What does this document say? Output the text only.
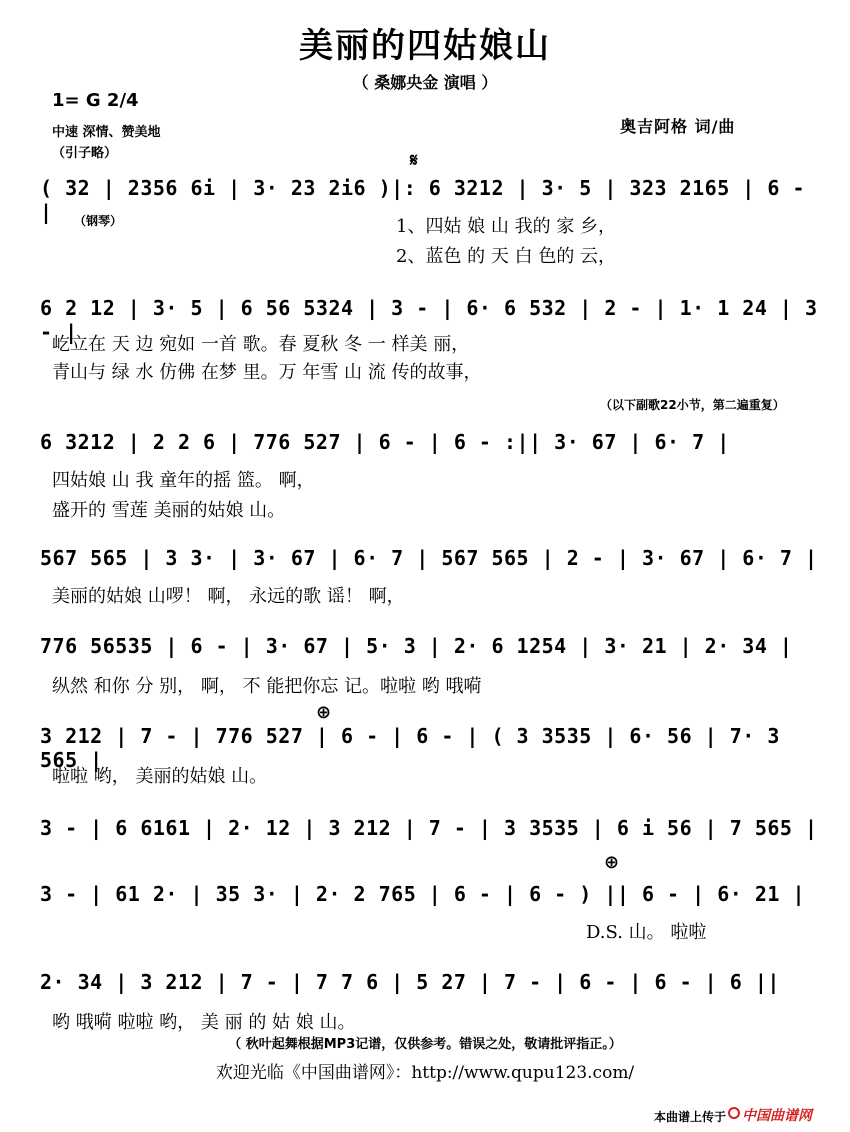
美丽的四姑娘山
（ 桑娜央金 演唱 ）
1= G 2/4
中速 深情、赞美地
（引子略）
奥吉阿格 词/曲
（钢琴）
（以下副歌22小节，第二遍重复）
𝄋
⊕
⊕
( 32 | 2356 6i | 3· 23 2i6 )|: 6 3212 | 3· 5 | 323 2165 | 6 - |
1、四姑 娘 山 我的 家 乡，
2、蓝色 的 天 白 色的 云，
6 2 12 | 3· 5 | 6 56 5324 | 3 - | 6· 6 532 | 2 - | 1· 1 24 | 3 - |
屹立在 天 边 宛如 一首 歌。春 夏秋 冬 一 样美 丽，
青山与 绿 水 仿佛 在梦 里。万 年雪 山 流 传的故事，
6 3212 | 2 2 6 | 776 527 | 6 - | 6 - :|| 3· 67 | 6· 7 |
四姑娘 山 我 童年的摇 篮。 啊，
盛开的 雪莲 美丽的姑娘 山。
567 565 | 3 3· | 3· 67 | 6· 7 | 567 565 | 2 - | 3· 67 | 6· 7 |
美丽的姑娘 山啰！ 啊， 永远的歌 谣！ 啊，
776 56535 | 6 - | 3· 67 | 5· 3 | 2· 6 1254 | 3· 21 | 2· 34 |
纵然 和你 分 别， 啊， 不 能把你忘 记。啦啦 哟 哦嗬
3 212 | 7 - | 776 527 | 6 - | 6 - | ( 3 3535 | 6· 56 | 7· 3 565 |
啦啦 哟， 美丽的姑娘 山。
3 - | 6 6161 | 2· 12 | 3 212 | 7 - | 3 3535 | 6 i 56 | 7 565 |
3 - | 61 2· | 35 3· | 2· 2 765 | 6 - | 6 - ) || 6 - | 6· 21 |
D.S. 山。 啦啦
2· 34 | 3 212 | 7 - | 7 7 6 | 5 27 | 7 - | 6 - | 6 - | 6 ||
哟 哦嗬 啦啦 哟， 美 丽 的 姑 娘 山。
（ 秋叶起舞根据MP3记谱，仅供参考。错误之处，敬请批评指正。）
欢迎光临《中国曲谱网》：http://www.qupu123.com/
本曲谱上传于 中国曲谱网
